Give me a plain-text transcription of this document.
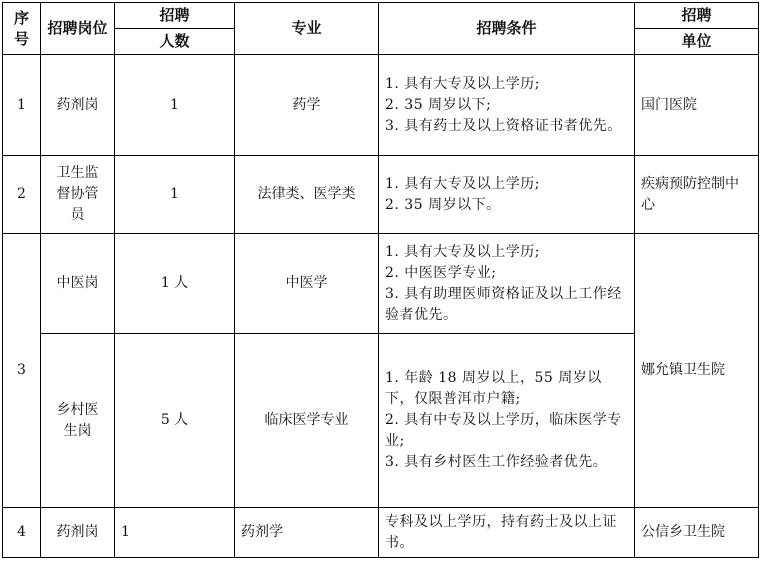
序号	招聘岗位	招聘	专业	招聘条件	招聘
		人数			单位
1	药剂岗	1	药学	1. 具有大专及以上学历;
2. 35 周岁以下;
3. 具有药士及以上资格证书者优先。	国门医院
2	卫生监督协管员	1	法律类、医学类	1. 具有大专及以上学历;
2. 35 周岁以下。	疾病预防控制中心
3	中医岗	1 人	中医学	1. 具有大专及以上学历;
2. 中医医学专业;
3. 具有助理医师资格证及以上工作经验者优先。	娜允镇卫生院
	乡村医生岗	5 人	临床医学专业	1. 年龄 18 周岁以上，55 周岁以下，仅限普洱市户籍;
2. 具有中专及以上学历，临床医学专业;
3. 具有乡村医生工作经验者优先。	

4	药剂岗	1	药剂学	专科及以上学历，持有药士及以上证书。	公信乡卫生院
